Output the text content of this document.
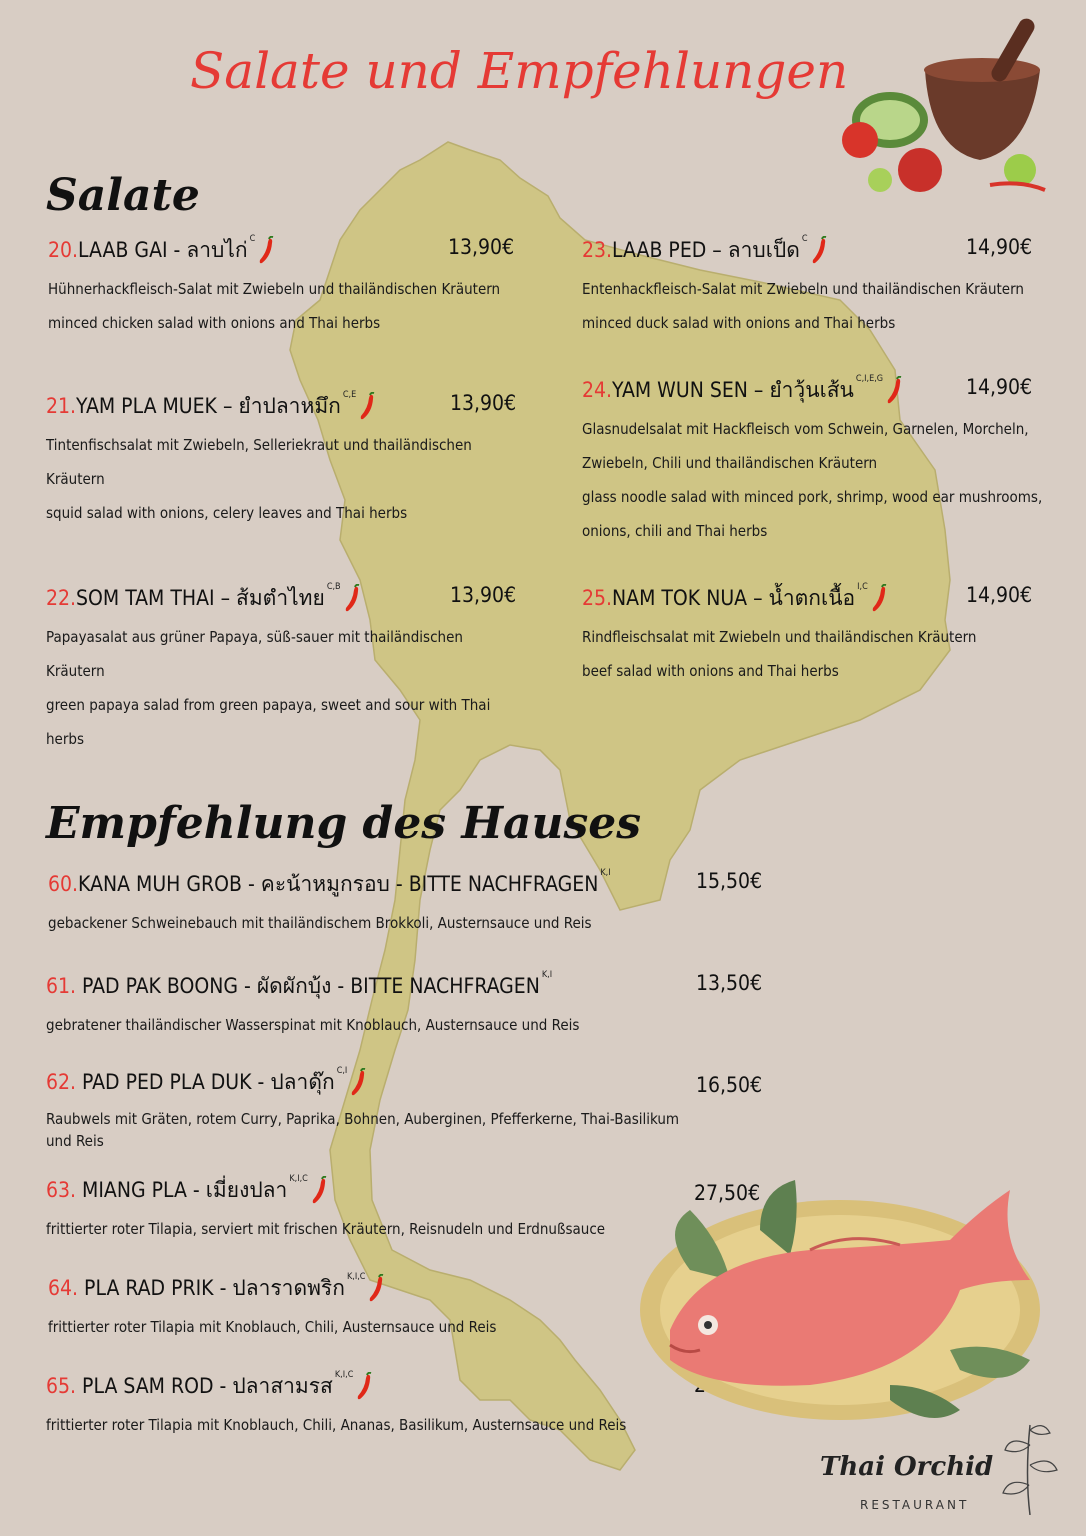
Salate und Empfehlungen
Salate
20.LAAB GAI - ลาบไก่ $^C$	13,90€
Hühnerhackfleisch-Salat mit Zwiebeln und thailändischen Kräutern
minced chicken salad with onions and Thai herbs
21.YAM PLA MUEK – ยำปลาหมึก $^{C,E}$	13,90€
Tintenfischsalat mit Zwiebeln, Selleriekraut und thailändischen
Kräutern
squid salad with onions, celery leaves and Thai herbs
22.SOM TAM THAI – ส้มตำไทย $^{C,B}$	13,90€
Papayasalat aus grüner Papaya, süß-sauer mit thailändischen
Kräutern
green papaya salad from green papaya, sweet and sour with Thai
herbs
23.LAAB PED – ลาบเป็ด $^C$	14,90€
Entenhackfleisch-Salat mit Zwiebeln und thailändischen Kräutern
minced duck salad with onions and Thai herbs
24.YAM WUN SEN – ยำวุ้นเส้น $^{C,I,E,G}$	14,90€
Glasnudelsalat mit Hackfleisch vom Schwein, Garnelen, Morcheln,
Zwiebeln, Chili und thailändischen Kräutern
glass noodle salad with minced pork, shrimp, wood ear mushrooms,
onions, chili and Thai herbs
25.NAM TOK NUA – น้ำตกเนื้อ $^{I,C}$	14,90€
Rindfleischsalat mit Zwiebeln und thailändischen Kräutern
beef salad with onions and Thai herbs
Empfehlung des Hauses
60.KANA MUH GROB - คะน้าหมูกรอบ - BITTE NACHFRAGEN $^{K,I}$	15,50€
gebackener Schweinebauch mit thailändischem Brokkoli, Austernsauce und Reis
61. PAD PAK BOONG - ผัดผักบุ้ง - BITTE NACHFRAGEN $^{K,I}$	13,50€
gebratener thailändischer Wasserspinat mit Knoblauch, Austernsauce und Reis
62. PAD PED PLA DUK - ปลาดุ๊ก $^{C,I}$
16,50€
Raubwels mit Gräten, rotem Curry, Paprika, Bohnen, Auberginen, Pfefferkerne, Thai-Basilikum
und Reis
63. MIANG PLA - เมี่ยงปลา $^{K,I,C}$
27,50€
frittierter roter Tilapia, serviert mit frischen Kräutern, Reisnudeln und Erdnußsauce
64. PLA RAD PRIK - ปลาราดพริก $^{K,I,C}$
frittierter roter Tilapia mit Knoblauch, Chili, Austernsauce und Reis
65. PLA SAM ROD - ปลาสามรส $^{K,I,C}$
frittierter roter Tilapia mit Knoblauch, Chili, Ananas, Basilikum, Austernsauce und Reis
Thai Orchid
RESTAURANT
